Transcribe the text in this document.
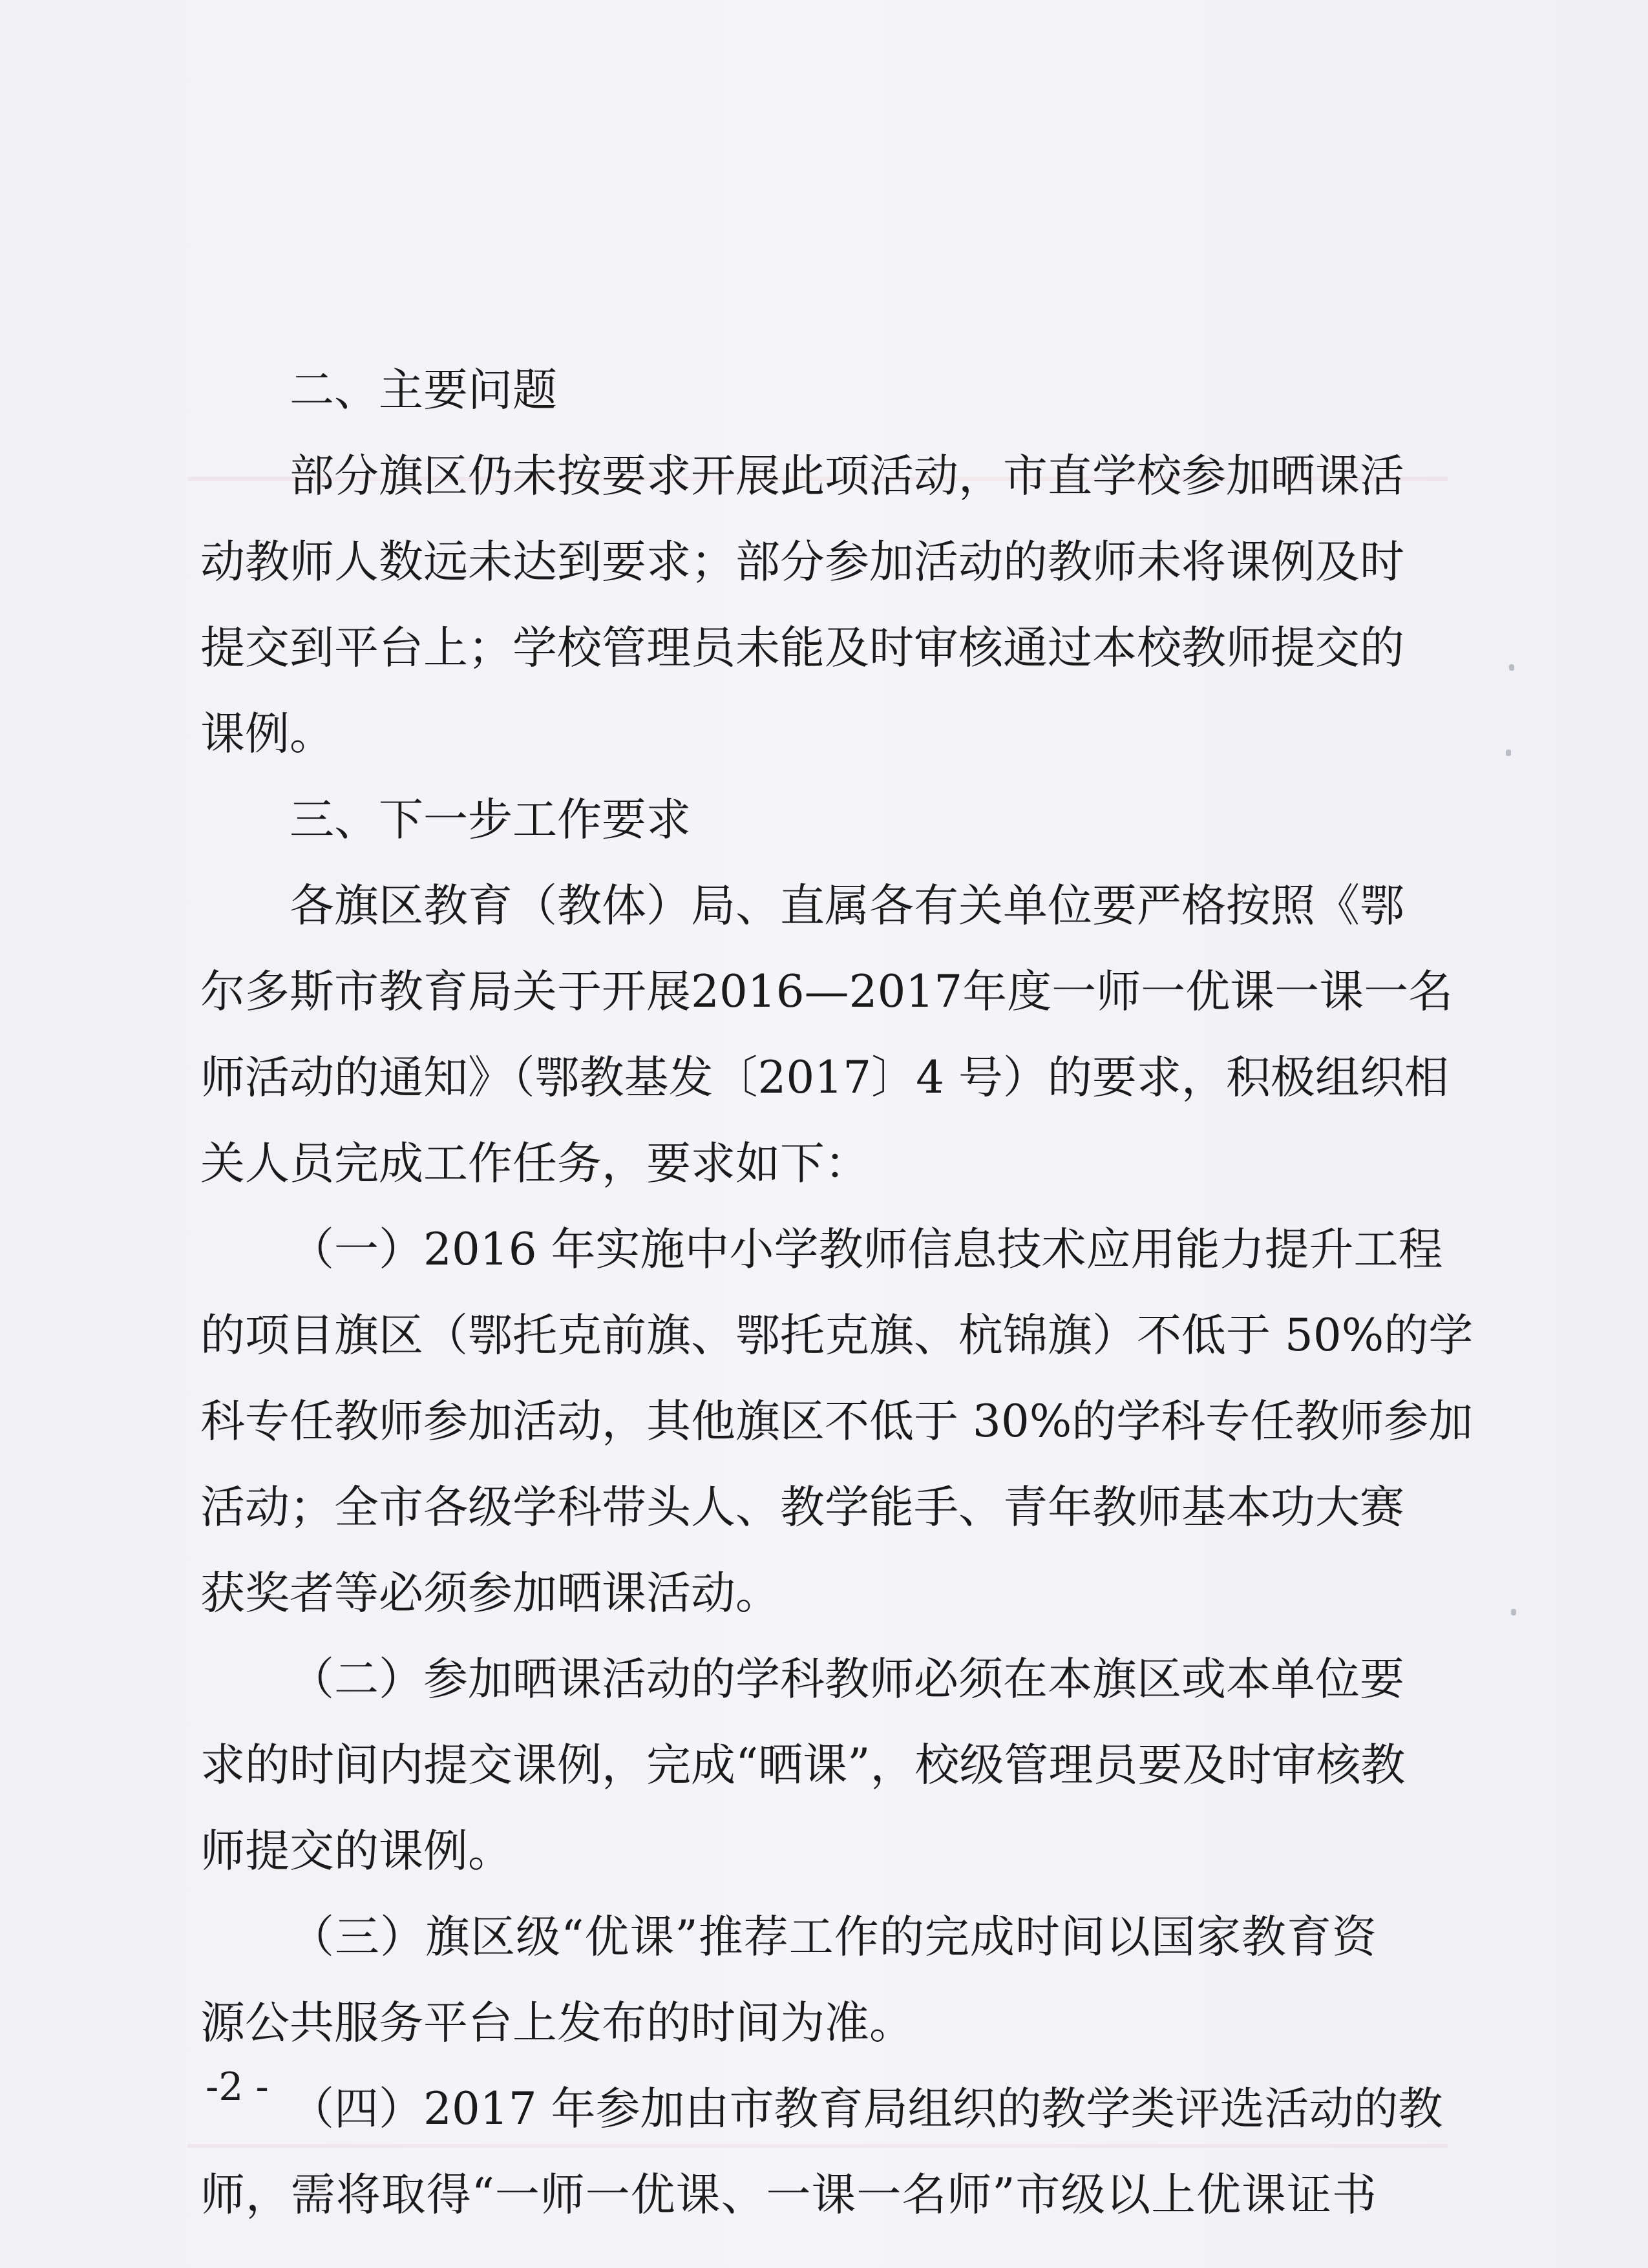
二、主要问题
部分旗区仍未按要求开展此项活动，市直学校参加晒课活
动教师人数远未达到要求；部分参加活动的教师未将课例及时
提交到平台上；学校管理员未能及时审核通过本校教师提交的
课例。
三、下一步工作要求
各旗区教育（教体）局、直属各有关单位要严格按照《鄂
尔多斯市教育局关于开展2016—2017年度一师一优课一课一名
师活动的通知》（鄂教基发〔2017〕4 号）的要求，积极组织相
关人员完成工作任务，要求如下：
（一）2016 年实施中小学教师信息技术应用能力提升工程
的项目旗区（鄂托克前旗、鄂托克旗、杭锦旗）不低于 50%的学
科专任教师参加活动，其他旗区不低于 30%的学科专任教师参加
活动；全市各级学科带头人、教学能手、青年教师基本功大赛
获奖者等必须参加晒课活动。
（二）参加晒课活动的学科教师必须在本旗区或本单位要
求的时间内提交课例，完成“晒课”，校级管理员要及时审核教
师提交的课例。
（三）旗区级“优课”推荐工作的完成时间以国家教育资
源公共服务平台上发布的时间为准。
（四）2017 年参加由市教育局组织的教学类评选活动的教
师，需将取得“一师一优课、一课一名师”市级以上优课证书
-2 -
